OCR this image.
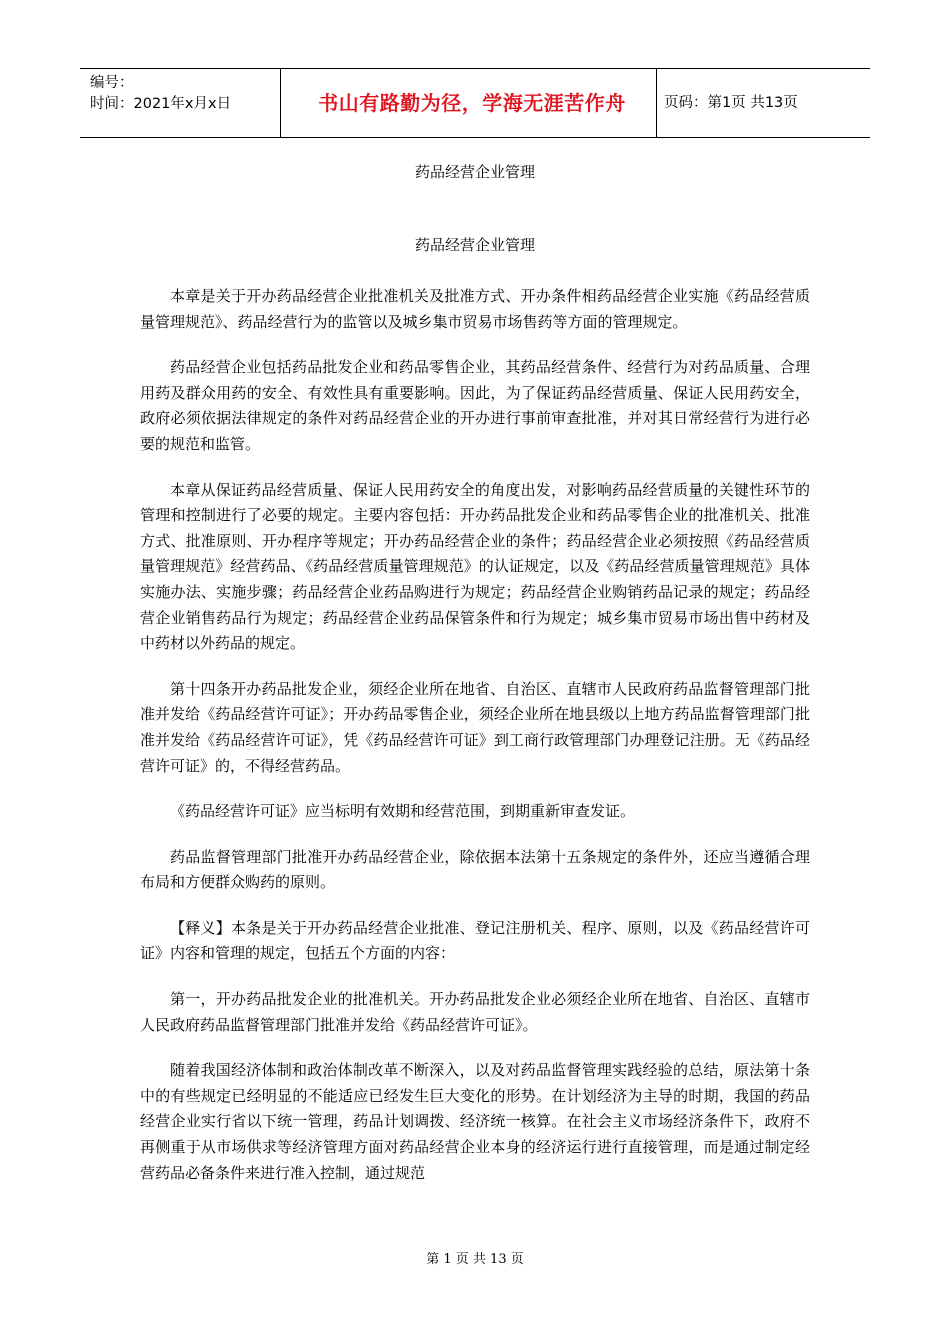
编号：
时间：2021年x月x日	书山有路勤为径，学海无涯苦作舟	页码：第1页 共13页
药品经营企业管理
药品经营企业管理

本章是关于开办药品经营企业批准机关及批准方式、开办条件相药品经营企业实施《药品经营质量管理规范》、药品经营行为的监管以及城乡集市贸易市场售药等方面的管理规定。

药品经营企业包括药品批发企业和药品零售企业，其药品经营条件、经营行为对药品质量、合理用药及群众用药的安全、有效性具有重要影响。因此，为了保证药品经营质量、保证人民用药安全，政府必须依据法律规定的条件对药品经营企业的开办进行事前审查批准，并对其日常经营行为进行必要的规范和监管。

本章从保证药品经营质量、保证人民用药安全的角度出发，对影响药品经营质量的关键性环节的管理和控制进行了必要的规定。主要内容包括：开办药品批发企业和药品零售企业的批准机关、批准方式、批准原则、开办程序等规定；开办药品经营企业的条件；药品经营企业必须按照《药品经营质量管理规范》经营药品、《药品经营质量管理规范》的认证规定，以及《药品经营质量管理规范》具体实施办法、实施步骤；药品经营企业药品购进行为规定；药品经营企业购销药品记录的规定；药品经营企业销售药品行为规定；药品经营企业药品保管条件和行为规定；城乡集市贸易市场出售中药材及中药材以外药品的规定。

第十四条开办药品批发企业，须经企业所在地省、自治区、直辖市人民政府药品监督管理部门批准并发给《药品经营许可证》；开办药品零售企业，须经企业所在地县级以上地方药品监督管理部门批准并发给《药品经营许可证》，凭《药品经营许可证》到工商行政管理部门办理登记注册。无《药品经营许可证》的，不得经营药品。

《药品经营许可证》应当标明有效期和经营范围，到期重新审查发证。

药品监督管理部门批准开办药品经营企业，除依据本法第十五条规定的条件外，还应当遵循合理布局和方便群众购药的原则。

【释义】本条是关于开办药品经营企业批准、登记注册机关、程序、原则，以及《药品经营许可证》内容和管理的规定，包括五个方面的内容：

第一，开办药品批发企业的批准机关。开办药品批发企业必须经企业所在地省、自治区、直辖市人民政府药品监督管理部门批准并发给《药品经营许可证》。

随着我国经济体制和政治体制改革不断深入，以及对药品监督管理实践经验的总结，原法第十条中的有些规定已经明显的不能适应已经发生巨大变化的形势。在计划经济为主导的时期，我国的药品经营企业实行省以下统一管理，药品计划调拨、经济统一核算。在社会主义市场经济条件下，政府不再侧重于从市场供求等经济管理方面对药品经营企业本身的经济运行进行直接管理，而是通过制定经营药品必备条件来进行准入控制，通过规范

第 1 页 共 13 页
